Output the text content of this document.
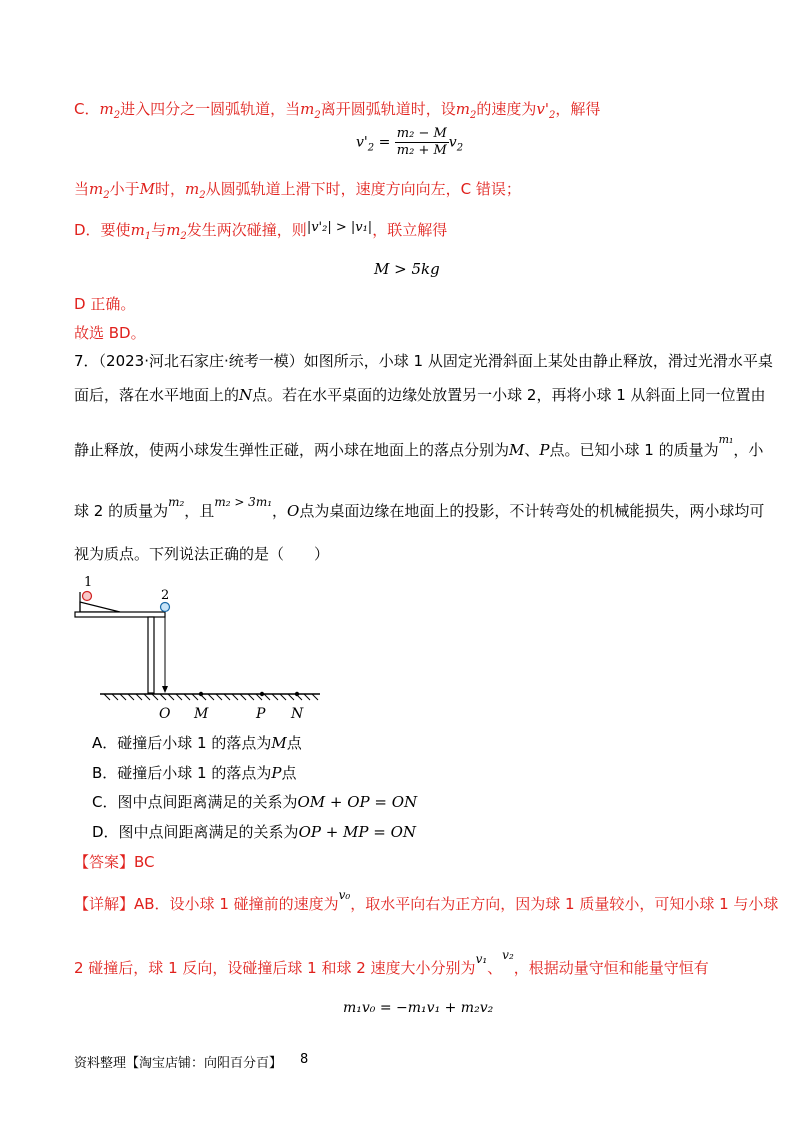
C．$m_2$进入四分之一圆弧轨道，当$m_2$离开圆弧轨道时，设$m_2$的速度为$v'_2$，解得
$v'_2 = \frac{\text{m₂ − M}}{\text{m₂ + M}} v_2$
当$m_2$小于M时，$m_2$从圆弧轨道上滑下时，速度方向向左，C 错误；
D．要使$m_1$与$m_2$发生两次碰撞，则|v'₂| > |v₁|，联立解得
M > 5kg
D 正确。
故选 BD。
7．（2023·河北石家庄·统考一模）如图所示，小球 1 从固定光滑斜面上某处由静止释放，滑过光滑水平桌
面后，落在水平地面上的N点。若在水平桌面的边缘处放置另一小球 2，再将小球 1 从斜面上同一位置由
静止释放，使两小球发生弹性正碰，两小球在地面上的落点分别为M、P点。已知小球 1 的质量为$^{m_1}$，小
球 2 的质量为$^{m_2}$，且$^{m_2 > 3m_1}$，O点为桌面边缘在地面上的投影，不计转弯处的机械能损失，两小球均可
视为质点。下列说法正确的是（　　）
1
2
O M	P N
A．碰撞后小球 1 的落点为M点
B．碰撞后小球 1 的落点为P点
C．图中点间距离满足的关系为OM + OP = ON
D．图中点间距离满足的关系为OP + MP = ON
【答案】BC
【详解】AB．设小球 1 碰撞前的速度为$^{v_0}$，取水平向右为正方向，因为球 1 质量较小，可知小球 1 与小球
2 碰撞后，球 1 反向，设碰撞后球 1 和球 2 速度大小分别为$^{v_1}$、$^{v_2}$，根据动量守恒和能量守恒有
m₁v₀ = −m₁v₁ + m₂v₂
资料整理【淘宝店铺：向阳百分百】 8
